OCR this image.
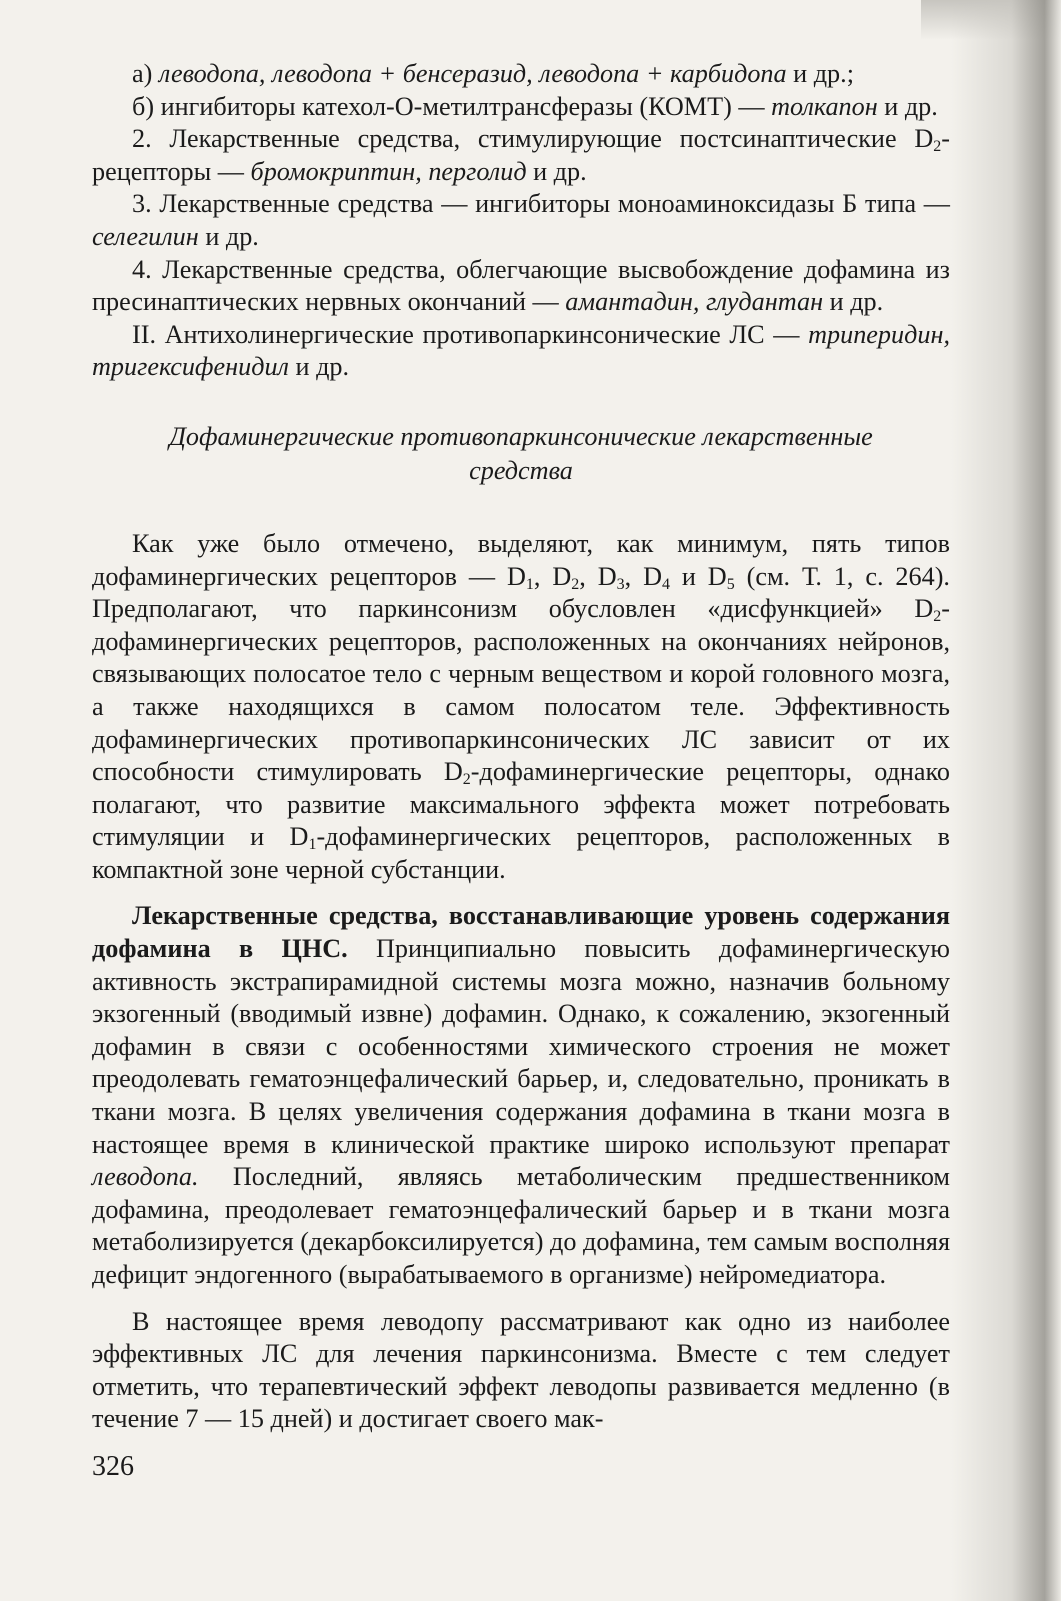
а) леводопа, леводопа + бенсеразид, леводопа + карбидопа и др.;

б) ингибиторы катехол-О-метилтрансферазы (КОМТ) — толкапон и др.

2. Лекарственные средства, стимулирующие постсинаптические $D_2$-рецепторы — бромокриптин, перголид и др.

3. Лекарственные средства — ингибиторы моноаминоксидазы Б типа — селегилин и др.

4. Лекарственные средства, облегчающие высвобождение дофамина из пресинаптических нервных окончаний — амантадин, глудантан и др.

II. Антихолинергические противопаркинсонические ЛС — триперидин, тригексифенидил и др.

Дофаминергические противопаркинсонические лекарственные
средства

Как уже было отмечено, выделяют, как минимум, пять типов дофаминергических рецепторов — $D_1$, $D_2$, $D_3$, $D_4$ и $D_5$ (см. Т. 1, с. 264). Предполагают, что паркинсонизм обусловлен «дисфункцией» $D_2$-дофаминергических рецепторов, расположенных на окончаниях нейронов, связывающих полосатое тело с черным веществом и корой головного мозга, а также находящихся в самом полосатом теле. Эффективность дофаминергических противопаркинсонических ЛС зависит от их способности стимулировать $D_2$-дофаминергические рецепторы, однако полагают, что развитие максимального эффекта может потребовать стимуляции и $D_1$-дофаминергических рецепторов, расположенных в компактной зоне черной субстанции.

Лекарственные средства, восстанавливающие уровень содержания дофамина в ЦНС. Принципиально повысить дофаминергическую активность экстрапирамидной системы мозга можно, назначив больному экзогенный (вводимый извне) дофамин. Однако, к сожалению, экзогенный дофамин в связи с особенностями химического строения не может преодолевать гематоэнцефалический барьер, и, следовательно, проникать в ткани мозга. В целях увеличения содержания дофамина в ткани мозга в настоящее время в клинической практике широко используют препарат леводопа. Последний, являясь метаболическим предшественником дофамина, преодолевает гематоэнцефалический барьер и в ткани мозга метаболизируется (декарбоксилируется) до дофамина, тем самым восполняя дефицит эндогенного (вырабатываемого в организме) нейромедиатора.

В настоящее время леводопу рассматривают как одно из наиболее эффективных ЛС для лечения паркинсонизма. Вместе с тем следует отметить, что терапевтический эффект леводопы развивается медленно (в течение 7 — 15 дней) и достигает своего мак-

326
